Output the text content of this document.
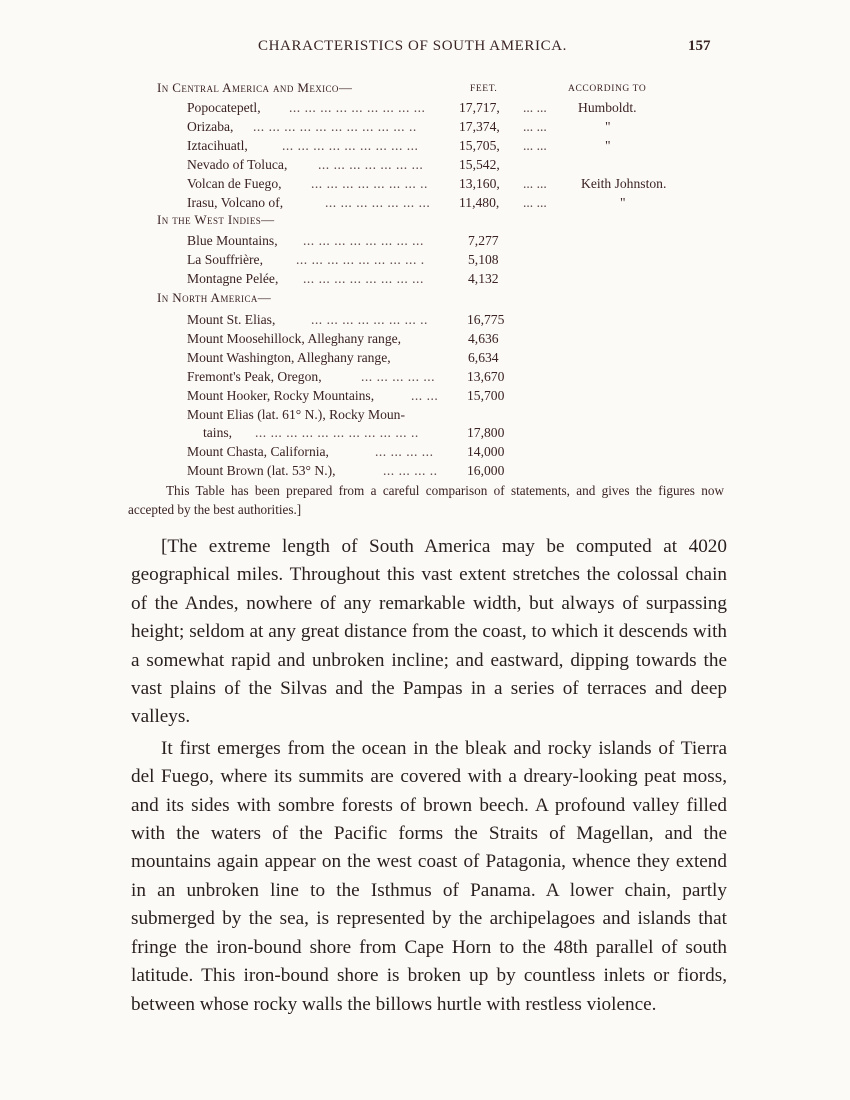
CHARACTERISTICS OF SOUTH AMERICA.	157
FEET.	ACCORDING TO
In Central America and Mexico—
Popocatepetl, ... ... ... ... ... ... ... ... ... 17,717, ... ... Humboldt.
Orizaba, ... ... ... ... ... ... ... ... ... ... ..	17,374, ... ...	"
Iztacihuatl,	... ... ... ... ... ... ... ... ...	15,705, ... ...	"
Nevado of Toluca, ... ... ... ... ... ... ...	15,542,
Volcan de Fuego, ... ... ... ... ... ... ... .. 13,160, ... ...	Keith Johnston.
Irasu, Volcano of,	... ... ... ... ... ... ... 11,480, ... ...	"
In the West Indies—
Blue Mountains, ... ... ... ... ... ... ... ...	7,277
La Souffrière, ... ... ... ... ... ... ... ... .	5,108
Montagne Pelée, ... ... ... ... ... ... ... ...	4,132
In North America—
Mount St. Elias,	... ... ... ... ... ... ... ..	16,775
Mount Moosehillock, Alleghany range,	4,636
Mount Washington, Alleghany range,	6,634
Fremont's Peak, Oregon,	... ... ... ... ... 13,670
Mount Hooker, Rocky Mountains,	... ... 15,700
Mount Elias (lat. 61° N.), Rocky Moun-
tains, ... ... ... ... ... ... ... ... ... ... ..	17,800
Mount Chasta, California,	... ... ... ... 14,000
Mount Brown (lat. 53° N.),	... ... ... .. 16,000
This Table has been prepared from a careful comparison of statements, and gives the figures now accepted by the best authorities.]

[The extreme length of South America may be computed at 4020 geographical miles. Throughout this vast extent stretches the colossal chain of the Andes, nowhere of any remarkable width, but always of surpassing height; seldom at any great distance from the coast, to which it descends with a somewhat rapid and unbroken incline; and eastward, dipping towards the vast plains of the Silvas and the Pampas in a series of terraces and deep valleys.

It first emerges from the ocean in the bleak and rocky islands of Tierra del Fuego, where its summits are covered with a dreary-looking peat moss, and its sides with sombre forests of brown beech. A profound valley filled with the waters of the Pacific forms the Straits of Magellan, and the mountains again appear on the west coast of Patagonia, whence they extend in an unbroken line to the Isthmus of Panama. A lower chain, partly submerged by the sea, is represented by the archipelagoes and islands that fringe the iron-bound shore from Cape Horn to the 48th parallel of south latitude. This iron-bound shore is broken up by countless inlets or fiords, between whose rocky walls the billows hurtle with restless violence.
